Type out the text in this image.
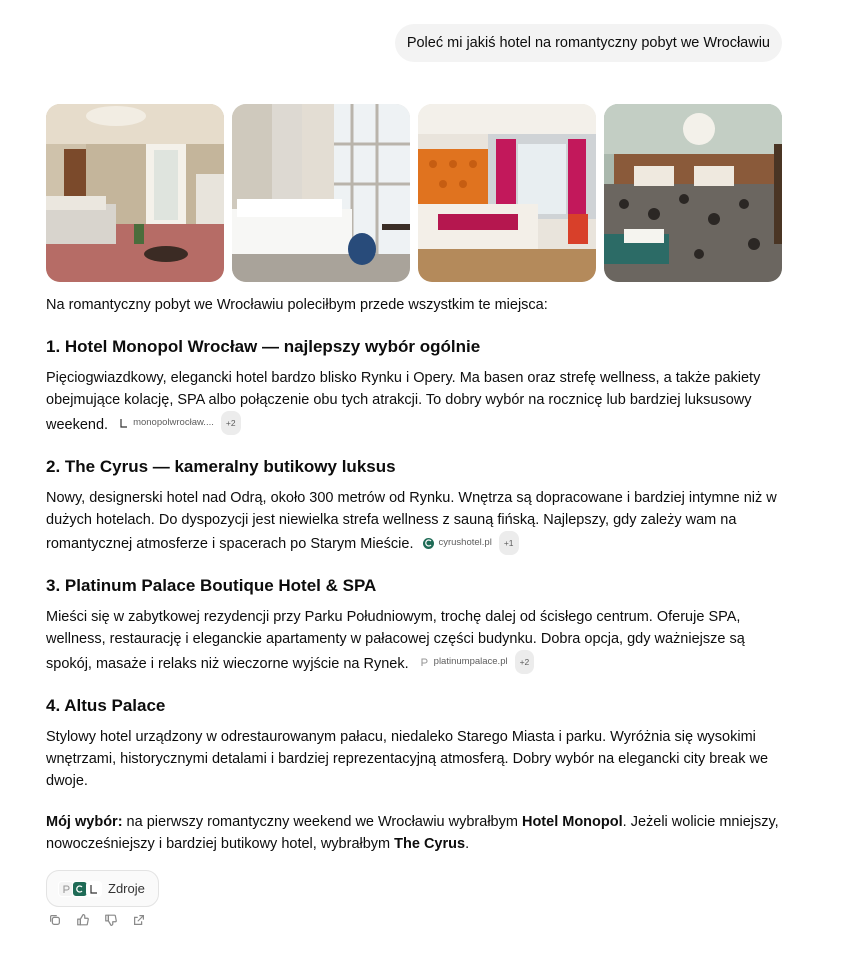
Poleć mi jakiś hotel na romantyczny pobyt we Wrocławiu

Na romantyczny pobyt we Wrocławiu poleciłbym przede wszystkim te miejsca:

1. Hotel Monopol Wrocław — najlepszy wybór ogólnie

Pięciogwiazdkowy, elegancki hotel bardzo blisko Rynku i Opery. Ma basen oraz strefę wellness, a także pakiety obejmujące kolację, SPA albo połączenie obu tych atrakcji. To dobry wybór na rocznicę lub bardziej luksusowy weekend.	monopolwrocław....	+2

2. The Cyrus — kameralny butikowy luksus

Nowy, designerski hotel nad Odrą, około 300 metrów od Rynku. Wnętrza są dopracowane i bardziej intymne niż w dużych hotelach. Do dyspozycji jest niewielka strefa wellness z sauną fińską. Najlepszy, gdy zależy wam na romantycznej atmosferze i spacerach po Starym Mieście.	cyrushotel.pl	+1

3. Platinum Palace Boutique Hotel & SPA

Mieści się w zabytkowej rezydencji przy Parku Południowym, trochę dalej od ścisłego centrum. Oferuje SPA, wellness, restaurację i eleganckie apartamenty w pałacowej części budynku. Dobra opcja, gdy ważniejsze są spokój, masaże i relaks niż wieczorne wyjście na Rynek.	platinumpalace.pl	+2

4. Altus Palace

Stylowy hotel urządzony w odrestaurowanym pałacu, niedaleko Starego Miasta i parku. Wyróżnia się wysokimi wnętrzami, historycznymi detalami i bardziej reprezentacyjną atmosferą. Dobry wybór na elegancki city break we dwoje.

Mój wybór: na pierwszy romantyczny weekend we Wrocławiu wybrałbym Hotel Monopol. Jeżeli wolicie mniejszy, nowocześniejszy i bardziej butikowy hotel, wybrałbym The Cyrus.

Zdroje
